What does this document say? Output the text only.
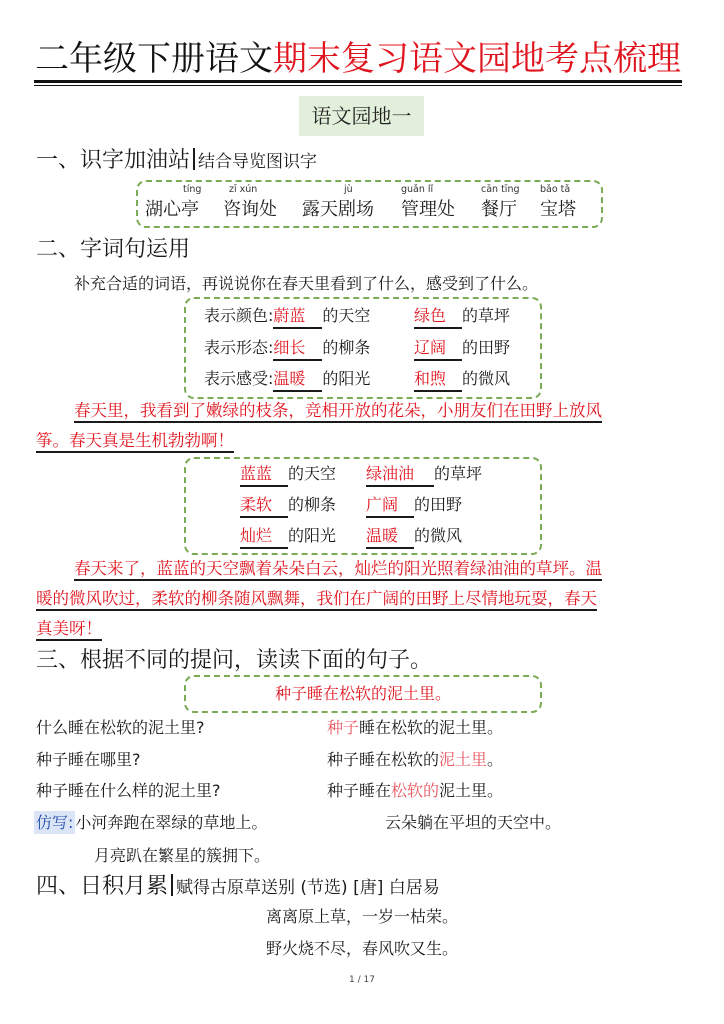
二年级下册语文期末复习语文园地考点梳理
语文园地一
一、识字加油站 结合导览图识字
tíng
湖心亭
zī xún
咨询处
jù
露天剧场
guǎn lǐ
管理处
cān tīng
餐厅
bǎo tǎ
宝塔
二、字词句运用
补充合适的词语，再说说你在春天里看到了什么，感受到了什么。
表示颜色:蔚蓝 的天空	绿色 的草坪
表示形态:细长 的柳条	辽阔 的田野
表示感受:温暖 的阳光	和煦 的微风
春天里，我看到了嫩绿的枝条，竞相开放的花朵，小朋友们在田野上放风
筝。春天真是生机勃勃啊！
蓝蓝 的天空 绿油油 的草坪
柔软 的柳条 广阔 的田野
灿烂 的阳光 温暖 的微风
春天来了，蓝蓝的天空飘着朵朵白云，灿烂的阳光照着绿油油的草坪。温
暖的微风吹过，柔软的柳条随风飘舞，我们在广阔的田野上尽情地玩耍，春天
真美呀！
三、根据不同的提问，读读下面的句子。
种子睡在松软的泥土里。
什么睡在松软的泥土里?	种子睡在松软的泥土里。
种子睡在哪里?	种子睡在松软的泥土里。
种子睡在什么样的泥土里?	种子睡在松软的泥土里。
仿写: 小河奔跑在翠绿的草地上。	云朵躺在平坦的天空中。
月亮趴在繁星的簇拥下。
四、日积月累 赋得古原草送别 (节选) [唐] 白居易
离离原上草，一岁一枯荣。
野火烧不尽，春风吹又生。
1 / 17
